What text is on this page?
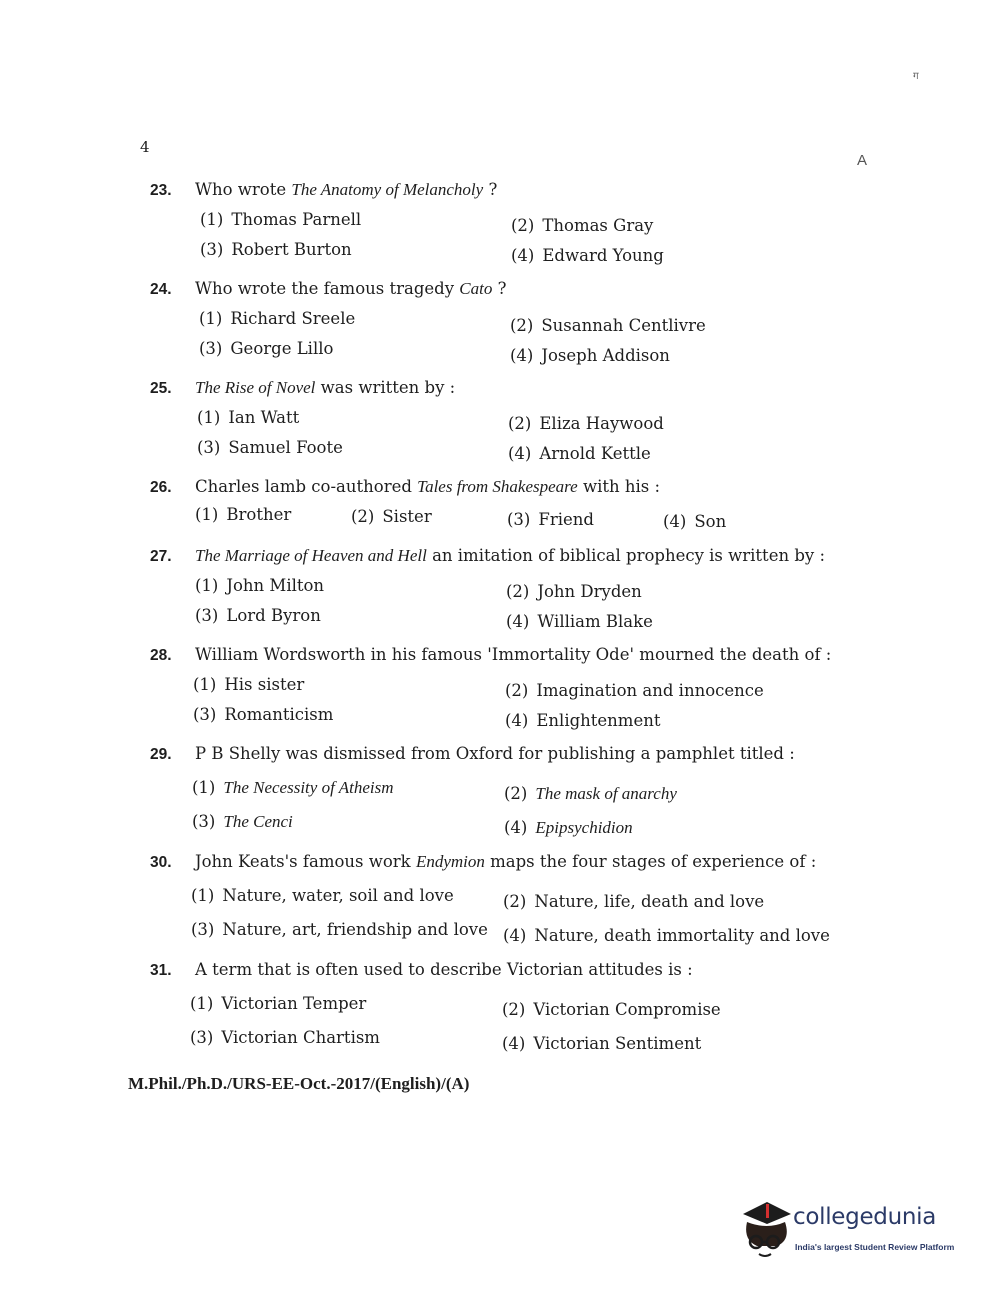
ग
4
A
23.	Who wrote The Anatomy of Melancholy ?
(1) Thomas Parnell	(2) Thomas Gray
(3) Robert Burton	(4) Edward Young
24.	Who wrote the famous tragedy Cato ?
(1) Richard Sreele	(2) Susannah Centlivre
(3) George Lillo	(4) Joseph Addison
25.	The Rise of Novel was written by :
(1) Ian Watt	(2) Eliza Haywood
(3) Samuel Foote	(4) Arnold Kettle
26.	Charles lamb co-authored Tales from Shakespeare with his :
(1) Brother	(2) Sister	(3) Friend	(4) Son
27.	The Marriage of Heaven and Hell an imitation of biblical prophecy is written by :
(1) John Milton	(2) John Dryden
(3) Lord Byron	(4) William Blake
28.	William Wordsworth in his famous 'Immortality Ode' mourned the death of :
(1) His sister	(2) Imagination and innocence
(3) Romanticism	(4) Enlightenment
29.	P B Shelly was dismissed from Oxford for publishing a pamphlet titled :
(1) The Necessity of Atheism	(2) The mask of anarchy
(3) The Cenci	(4) Epipsychidion
30.	John Keats's famous work Endymion maps the four stages of experience of :
(1) Nature, water, soil and love	(2) Nature, life, death and love
(3) Nature, art, friendship and love (4) Nature, death immortality and love
31.	A term that is often used to describe Victorian attitudes is :
(1) Victorian Temper	(2) Victorian Compromise
(3) Victorian Chartism	(4) Victorian Sentiment
M.Phil./Ph.D./URS-EE-Oct.-2017/(English)/(A)
collegedunia
India's largest Student Review Platform
